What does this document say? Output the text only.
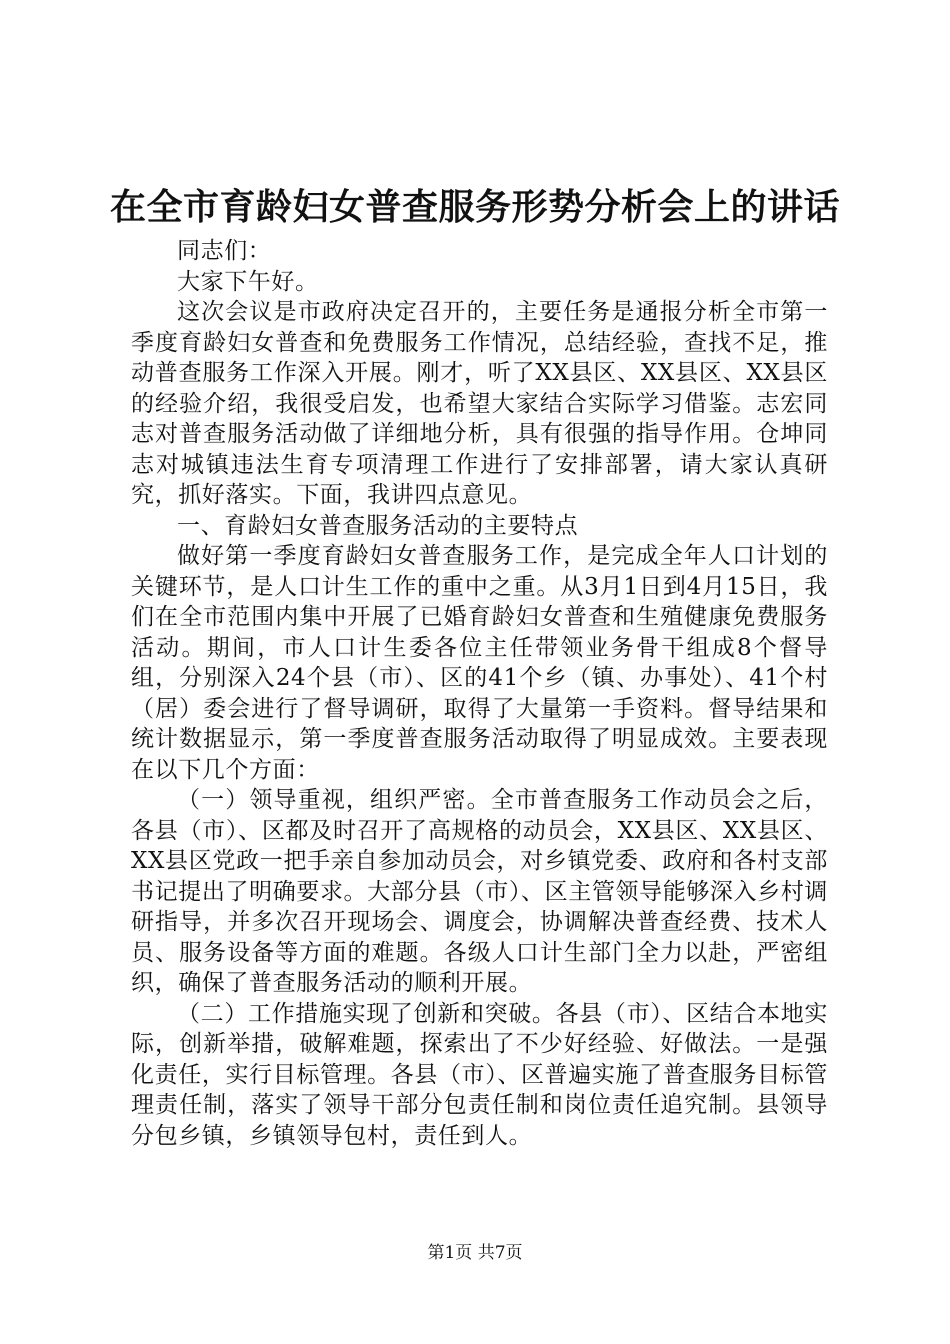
在全市育龄妇女普查服务形势分析会上的讲话

同志们：

大家下午好。

这次会议是市政府决定召开的，主要任务是通报分析全市第一季度育龄妇女普查和免费服务工作情况，总结经验，查找不足，推动普查服务工作深入开展。刚才，听了XX县区、XX县区、XX县区的经验介绍，我很受启发，也希望大家结合实际学习借鉴。志宏同志对普查服务活动做了详细地分析，具有很强的指导作用。仓坤同志对城镇违法生育专项清理工作进行了安排部署，请大家认真研究，抓好落实。下面，我讲四点意见。

一、育龄妇女普查服务活动的主要特点

做好第一季度育龄妇女普查服务工作，是完成全年人口计划的关键环节，是人口计生工作的重中之重。从3月1日到4月15日，我们在全市范围内集中开展了已婚育龄妇女普查和生殖健康免费服务活动。期间，市人口计生委各位主任带领业务骨干组成8个督导组，分别深入24个县（市）、区的41个乡（镇、办事处）、41个村（居）委会进行了督导调研，取得了大量第一手资料。督导结果和统计数据显示，第一季度普查服务活动取得了明显成效。主要表现在以下几个方面：

（一）领导重视，组织严密。全市普查服务工作动员会之后，各县（市）、区都及时召开了高规格的动员会，XX县区、XX县区、XX县区党政一把手亲自参加动员会，对乡镇党委、政府和各村支部书记提出了明确要求。大部分县（市）、区主管领导能够深入乡村调研指导，并多次召开现场会、调度会，协调解决普查经费、技术人员、服务设备等方面的难题。各级人口计生部门全力以赴，严密组织，确保了普查服务活动的顺利开展。

（二）工作措施实现了创新和突破。各县（市）、区结合本地实际，创新举措，破解难题，探索出了不少好经验、好做法。一是强化责任，实行目标管理。各县（市）、区普遍实施了普查服务目标管理责任制，落实了领导干部分包责任制和岗位责任追究制。县领导分包乡镇，乡镇领导包村，责任到人。

第1页 共7页
